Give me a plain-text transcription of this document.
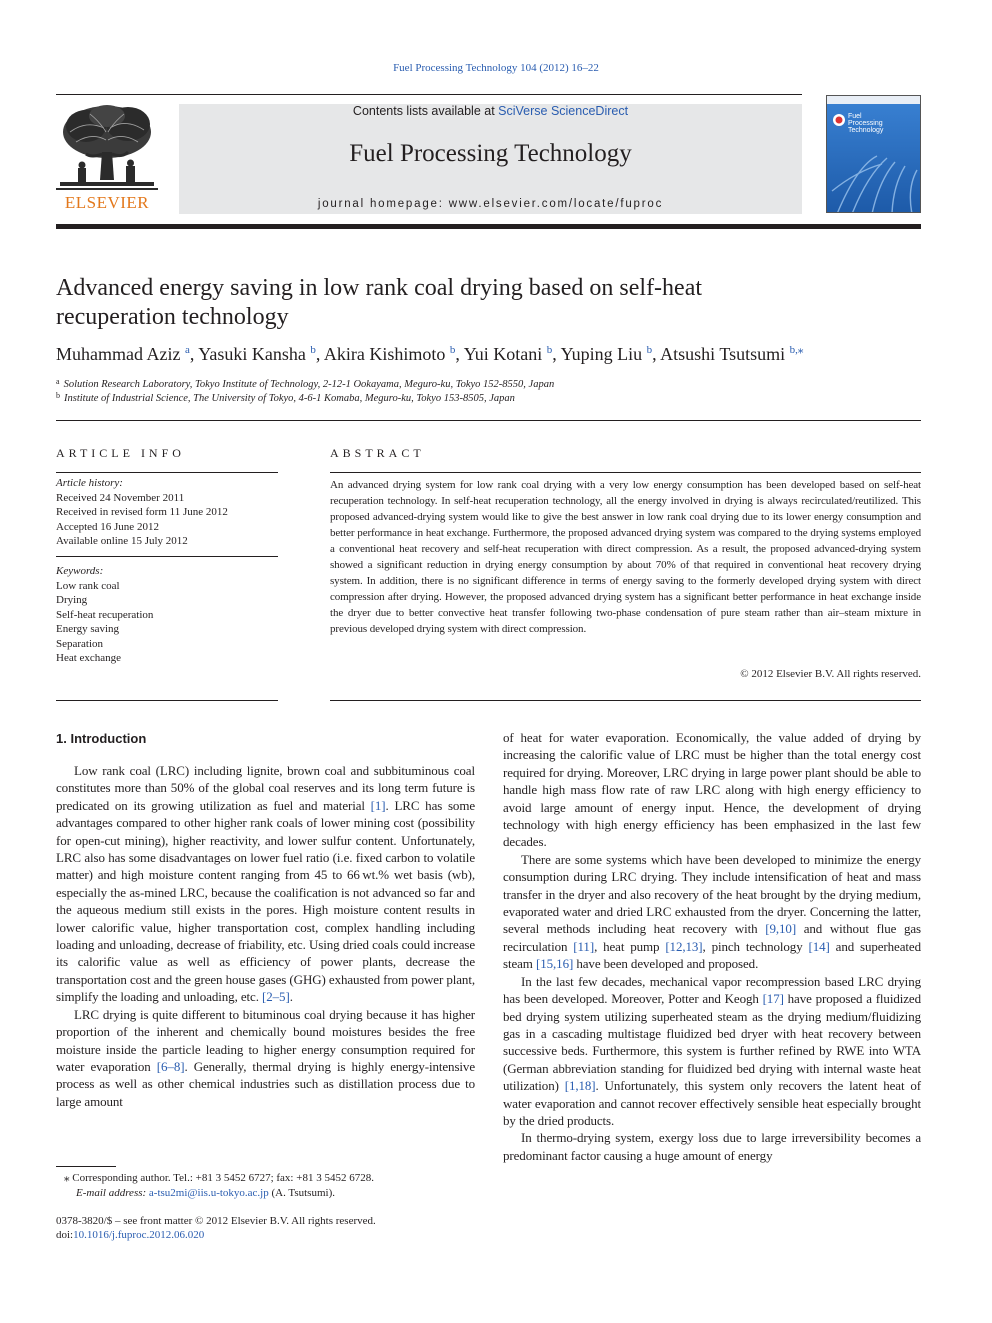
Fuel Processing Technology 104 (2012) 16–22
ELSEVIER
Contents lists available at SciVerse ScienceDirect
Fuel Processing Technology
journal homepage: www.elsevier.com/locate/fuproc
Fuel
Processing
Technology
Advanced energy saving in low rank coal drying based on self-heat recuperation technology
Muhammad Aziz $^a$, Yasuki Kansha $^b$, Akira Kishimoto $^b$, Yui Kotani $^b$, Yuping Liu $^b$, Atsushi Tsutsumi $^{b,⁎}$
$^a$ Solution Research Laboratory, Tokyo Institute of Technology, 2-12-1 Ookayama, Meguro-ku, Tokyo 152-8550, Japan
$^b$ Institute of Industrial Science, The University of Tokyo, 4-6-1 Komaba, Meguro-ku, Tokyo 153-8505, Japan
ARTICLE INFO
Article history:
Received 24 November 2011
Received in revised form 11 June 2012
Accepted 16 June 2012
Available online 15 July 2012
Keywords:
Low rank coal
Drying
Self-heat recuperation
Energy saving
Separation
Heat exchange
ABSTRACT
An advanced drying system for low rank coal drying with a very low energy consumption has been developed based on self-heat recuperation technology. In self-heat recuperation technology, all the energy involved in drying is always recirculated/reutilized. This proposed advanced-drying system would like to give the best answer in low rank coal drying due to its lower energy consumption and better performance in heat exchange. Furthermore, the proposed advanced drying system was compared to the drying systems employed a conventional heat recovery and self-heat recuperation with direct compression. As a result, the proposed advanced-drying system showed a significant reduction in drying energy consumption by about 70% of that required in conventional heat recovery drying system. In addition, there is no significant difference in terms of energy saving to the formerly developed drying system with direct compression after drying. However, the proposed advanced drying system has a significant better performance in heat exchange inside the dryer due to better convective heat transfer following two-phase condensation of pure steam rather than air–steam mixture in previous developed drying system with direct compression.
© 2012 Elsevier B.V. All rights reserved.
1. Introduction

Low rank coal (LRC) including lignite, brown coal and subbituminous coal constitutes more than 50% of the global coal reserves and its long term future is predicated on its growing utilization as fuel and material [1]. LRC has some advantages compared to other higher rank coals of lower mining cost (possibility for open-cut mining), higher reactivity, and lower sulfur content. Unfortunately, LRC also has some disadvantages on lower fuel ratio (i.e. fixed carbon to volatile matter) and high moisture content ranging from 45 to 66 wt.% wet basis (wb), especially the as-mined LRC, because the coalification is not advanced so far and the aqueous medium still exists in the pores. High moisture content results in lower calorific value, higher transportation cost, complex handling including loading and unloading, decrease of friability, etc. Using dried coals could increase its calorific value as well as efficiency of power plants, decrease the transportation cost and the green house gases (GHG) exhausted from power plant, simplify the loading and unloading, etc. [2–5].

LRC drying is quite different to bituminous coal drying because it has higher proportion of the inherent and chemically bound moistures besides the free moisture inside the particle leading to higher energy consumption required for water evaporation [6–8]. Generally, thermal drying is highly energy-intensive process as well as other chemical industries such as distillation process due to large amount

of heat for water evaporation. Economically, the value added of drying by increasing the calorific value of LRC must be higher than the total energy cost required for drying. Moreover, LRC drying in large power plant should be able to handle high mass flow rate of raw LRC along with high energy efficiency to avoid large amount of energy input. Hence, the development of drying technology with high energy efficiency has been emphasized in the last few decades.

There are some systems which have been developed to minimize the energy consumption during LRC drying. They include intensification of heat and mass transfer in the dryer and also recovery of the heat brought by the drying medium, evaporated water and dried LRC exhausted from the dryer. Concerning the latter, several methods including heat recovery with [9,10] and without flue gas recirculation [11], heat pump [12,13], pinch technology [14] and superheated steam [15,16] have been developed and proposed.

In the last few decades, mechanical vapor recompression based LRC drying has been developed. Moreover, Potter and Keogh [17] have proposed a fluidized bed drying system utilizing superheated steam as the drying medium/fluidizing gas in a cascading multistage fluidized bed dryer with heat recovery between successive beds. Furthermore, this system is further refined by RWE into WTA (German abbreviation standing for fluidized bed drying with internal waste heat utilization) [1,18]. Unfortunately, this system only recovers the latent heat of water evaporation and cannot recover effectively sensible heat especially brought by the dried products.

In thermo-drying system, exergy loss due to large irreversibility becomes a predominant factor causing a huge amount of energy

⁎ Corresponding author. Tel.: +81 3 5452 6727; fax: +81 3 5452 6728.
E-mail address: a-tsu2mi@iis.u-tokyo.ac.jp (A. Tsutsumi).
0378-3820/$ – see front matter © 2012 Elsevier B.V. All rights reserved.
doi:10.1016/j.fuproc.2012.06.020
